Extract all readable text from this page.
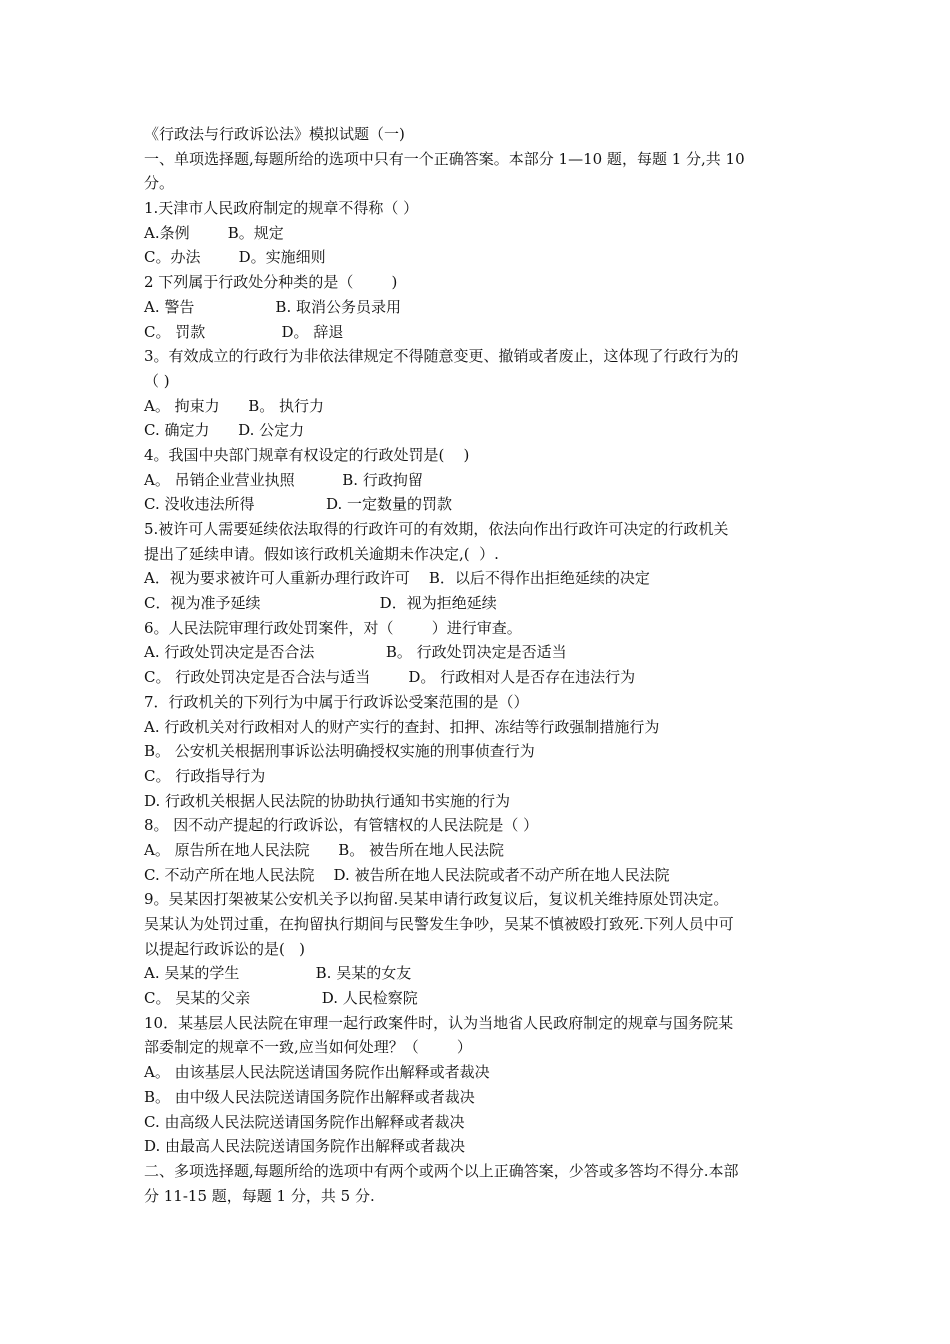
《行政法与行政诉讼法》模拟试题（一)
一、单项选择题,每题所给的选项中只有一个正确答案。本部分 1—10 题，每题 1 分,共 10
分。
1.天津市人民政府制定的规章不得称（ ）
A.条例        B。规定
C。办法        D。实施细则
2 下列属于行政处分种类的是（        )
A. 警告                 B. 取消公务员录用
C。 罚款                D。 辞退
3。有效成立的行政行为非依法律规定不得随意变更、撤销或者废止，这体现了行政行为的
（ )
A。 拘束力      B。 执行力
C. 确定力      D. 公定力
4。我国中央部门规章有权设定的行政处罚是(    )
A。 吊销企业营业执照          B. 行政拘留
C. 没收违法所得               D. 一定数量的罚款
5.被许可人需要延续依法取得的行政许可的有效期，依法向作出行政许可决定的行政机关
提出了延续申请。假如该行政机关逾期未作决定,(  ）.
A．视为要求被许可人重新办理行政许可    B．以后不得作出拒绝延续的决定
C．视为准予延续                         D．视为拒绝延续
6。人民法院审理行政处罚案件，对（        ）进行审查。
A. 行政处罚决定是否合法               B。 行政处罚决定是否适当
C。 行政处罚决定是否合法与适当        D。 行政相对人是否存在违法行为
7．行政机关的下列行为中属于行政诉讼受案范围的是（）
A. 行政机关对行政相对人的财产实行的查封、扣押、冻结等行政强制措施行为
B。 公安机关根据刑事诉讼法明确授权实施的刑事侦查行为
C。 行政指导行为
D. 行政机关根据人民法院的协助执行通知书实施的行为
8。 因不动产提起的行政诉讼，有管辖权的人民法院是（ ）
A。 原告所在地人民法院      B。 被告所在地人民法院
C. 不动产所在地人民法院    D. 被告所在地人民法院或者不动产所在地人民法院
9。吴某因打架被某公安机关予以拘留.吴某申请行政复议后，复议机关维持原处罚决定。
吴某认为处罚过重，在拘留执行期间与民警发生争吵，吴某不慎被殴打致死.下列人员中可
以提起行政诉讼的是(   )
A. 吴某的学生                B. 吴某的女友
C。 吴某的父亲               D. 人民检察院
10．某基层人民法院在审理一起行政案件时，认为当地省人民政府制定的规章与国务院某
部委制定的规章不一致,应当如何处理？（        ）
A。 由该基层人民法院送请国务院作出解释或者裁决
B。 由中级人民法院送请国务院作出解释或者裁决
C. 由高级人民法院送请国务院作出解释或者裁决
D. 由最高人民法院送请国务院作出解释或者裁决
二、多项选择题,每题所给的选项中有两个或两个以上正确答案，少答或多答均不得分.本部
分 11-15 题，每题 1 分，共 5 分.
